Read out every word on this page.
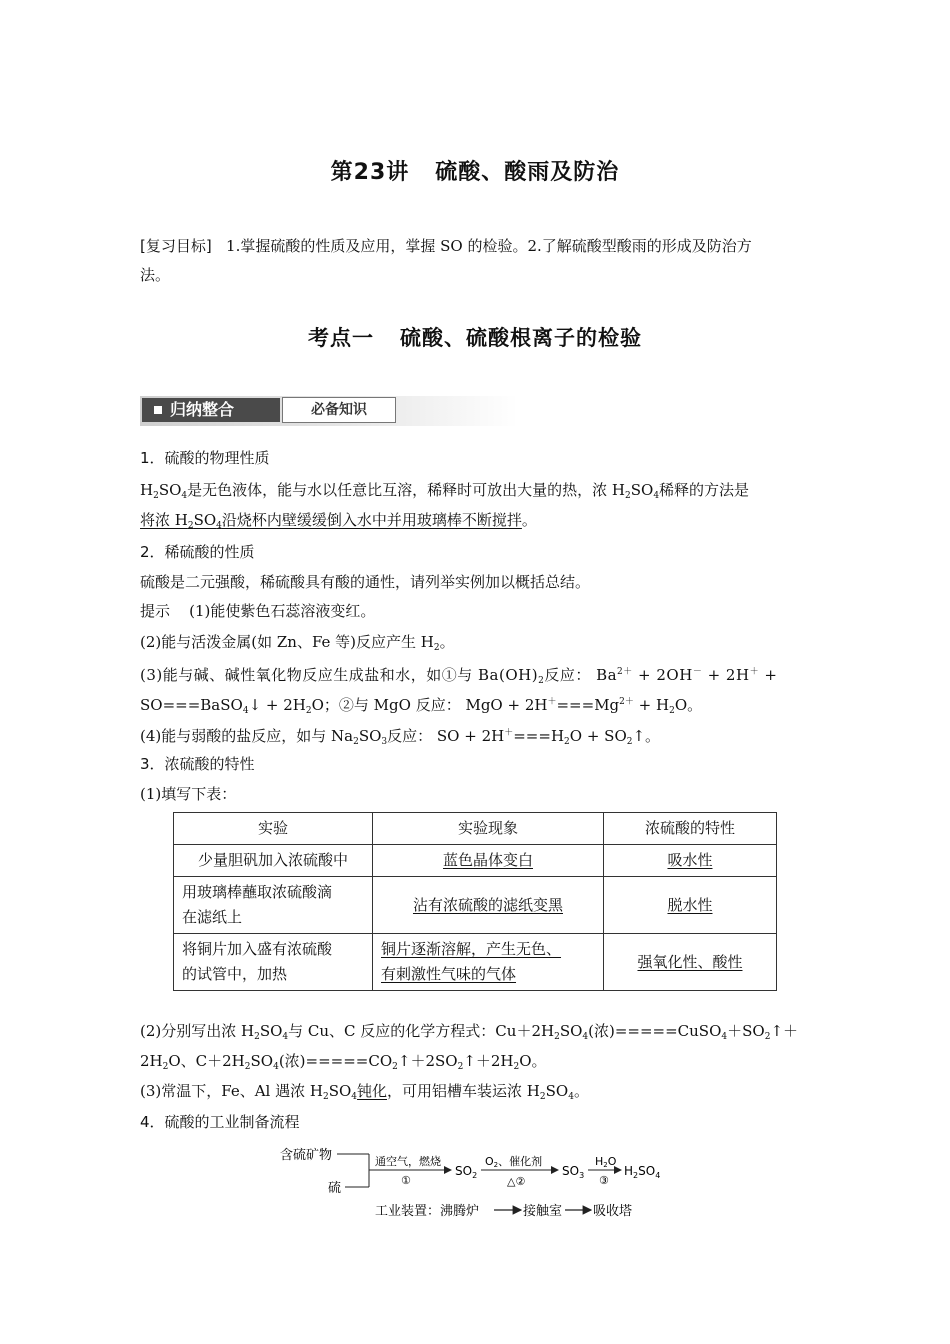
第23讲 硫酸、酸雨及防治
[复习目标] 1.掌握硫酸的性质及应用，掌握 SO 的检验。2.了解硫酸型酸雨的形成及防治方
法。
考点一 硫酸、硫酸根离子的检验
归纳整合	必备知识
1．硫酸的物理性质
$H_2SO_4$是无色液体，能与水以任意比互溶，稀释时可放出大量的热，浓 $H_2SO_4$稀释的方法是
将浓 $H_2SO_4$沿烧杯内壁缓缓倒入水中并用玻璃棒不断搅拌。
2．稀硫酸的性质
硫酸是二元强酸，稀硫酸具有酸的通性，请列举实例加以概括总结。
提示 (1)能使紫色石蕊溶液变红。
(2)能与活泼金属(如 Zn、Fe 等)反应产生 $H_2$。
(3)能与碱、碱性氧化物反应生成盐和水，如①与 $Ba(OH)_2$反应： $Ba^{2+} + 2OH^- + 2H^+$ +
SO===BaSO$_4$↓ + $2H_2O$；②与 MgO 反应： MgO + $2H^+===Mg^{2+} + H_2O$。
(4)能与弱酸的盐反应，如与 $Na_2SO_3$反应： SO + $2H^+===H_2O$ + $SO_2↑$。
3．浓硫酸的特性
(1)填写下表：
实验	实验现象	浓硫酸的特性
少量胆矾加入浓硫酸中	蓝色晶体变白	吸水性
用玻璃棒蘸取浓硫酸滴
在滤纸上	沾有浓硫酸的滤纸变黑	脱水性
将铜片加入盛有浓硫酸
的试管中，加热	铜片逐渐溶解，产生无色、
有刺激性气味的气体	强氧化性、酸性
(2)分别写出浓 $H_2SO_4$与 Cu、C 反应的化学方程式：$Cu+2H_2SO_4$(浓)$=====CuSO_4+SO_2↑+$
$2H_2O$、$C+2H_2SO_4$(浓)$=====CO_2↑+2SO_2↑+2H_2O$。
(3)常温下，Fe、Al 遇浓 $H_2SO_4$钝化，可用铝槽车装运浓 $H_2SO_4$。
4．硫酸的工业制备流程
含硫矿物
硫
通空气，燃烧
①
$SO_2$
O2、催化剂
△②
$SO_3$
H2O
③
$H_2SO_4$
工业装置：沸腾炉	接触室 吸收塔
